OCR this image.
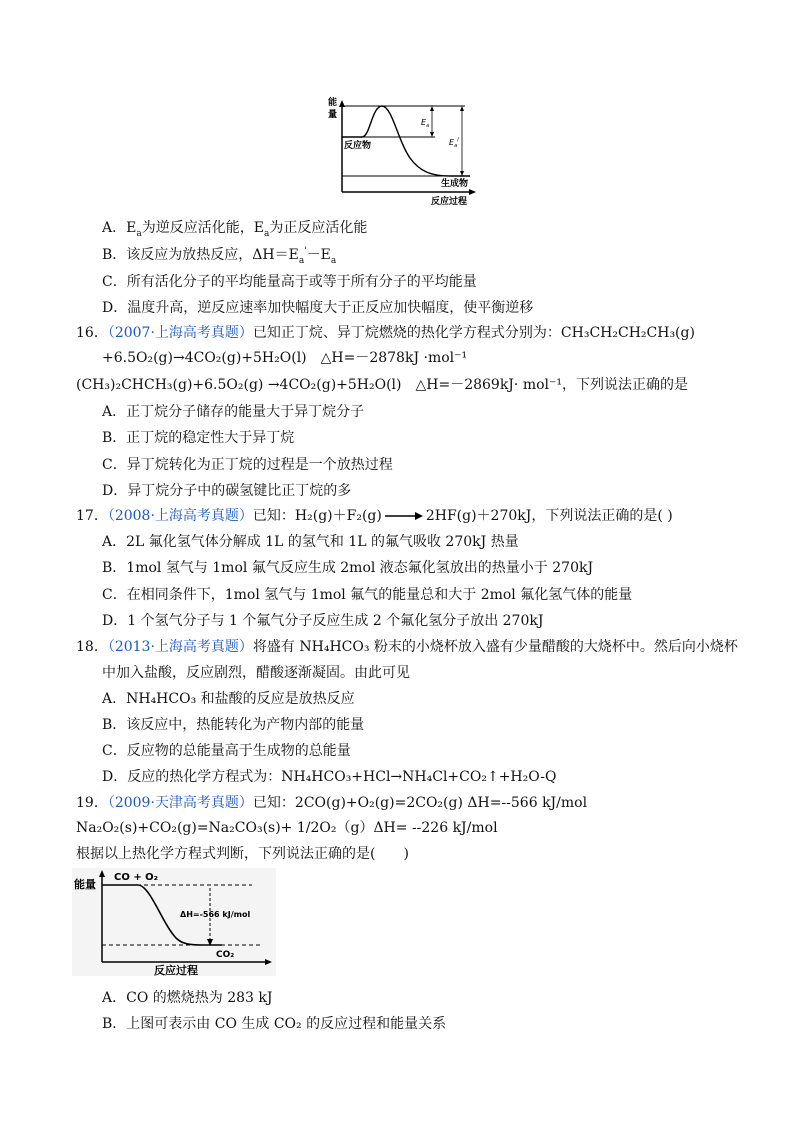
能
量
$E_a$
$E_a^/$
反应物
生成物
反应过程
A．$E_a$为逆反应活化能，$E_a$为正反应活化能
B．该反应为放热反应，$\Delta H=E_a'-E_a$
C．所有活化分子的平均能量高于或等于所有分子的平均能量
D．温度升高，逆反应速率加快幅度大于正反应加快幅度，使平衡逆移
16．（2007·上海高考真题）已知正丁烷、异丁烷燃烧的热化学方程式分别为：CH₃CH₂CH₂CH₃(g)
+6.5O₂(g)→4CO₂(g)+5H₂O(l)　△H=－2878kJ ·mol⁻¹
(CH₃)₂CHCH₃(g)+6.5O₂(g) →4CO₂(g)+5H₂O(l)　△H=－2869kJ· mol⁻¹，下列说法正确的是
A．正丁烷分子储存的能量大于异丁烷分子
B．正丁烷的稳定性大于异丁烷
C．异丁烷转化为正丁烷的过程是一个放热过程
D．异丁烷分子中的碳氢键比正丁烷的多
17．（2008·上海高考真题）已知：H₂(g)＋F₂(g) → 2HF(g)＋270kJ，下列说法正确的是( )
A．2L 氟化氢气体分解成 1L 的氢气和 1L 的氟气吸收 270kJ 热量
B．1mol 氢气与 1mol 氟气反应生成 2mol 液态氟化氢放出的热量小于 270kJ
C．在相同条件下，1mol 氢气与 1mol 氟气的能量总和大于 2mol 氟化氢气体的能量
D．1 个氢气分子与 1 个氟气分子反应生成 2 个氟化氢分子放出 270kJ
18．（2013·上海高考真题）将盛有 NH₄HCO₃ 粉末的小烧杯放入盛有少量醋酸的大烧杯中。然后向小烧杯
中加入盐酸，反应剧烈，醋酸逐渐凝固。由此可见
A．NH₄HCO₃ 和盐酸的反应是放热反应
B．该反应中，热能转化为产物内部的能量
C．反应物的总能量高于生成物的总能量
D．反应的热化学方程式为：NH₄HCO₃+HCl→NH₄Cl+CO₂↑+H₂O-Q
19．（2009·天津高考真题）已知：2CO(g)+O₂(g)=2CO₂(g) ΔH=--566 kJ/mol
Na₂O₂(s)+CO₂(g)=Na₂CO₃(s)+ 1/2O₂（g）ΔH= --226 kJ/mol
根据以上热化学方程式判断，下列说法正确的是(　　)
能量
CO + O₂
ΔH=-566 kJ/mol
CO₂
反应过程
A．CO 的燃烧热为 283 kJ
B．上图可表示由 CO 生成 CO₂ 的反应过程和能量关系
